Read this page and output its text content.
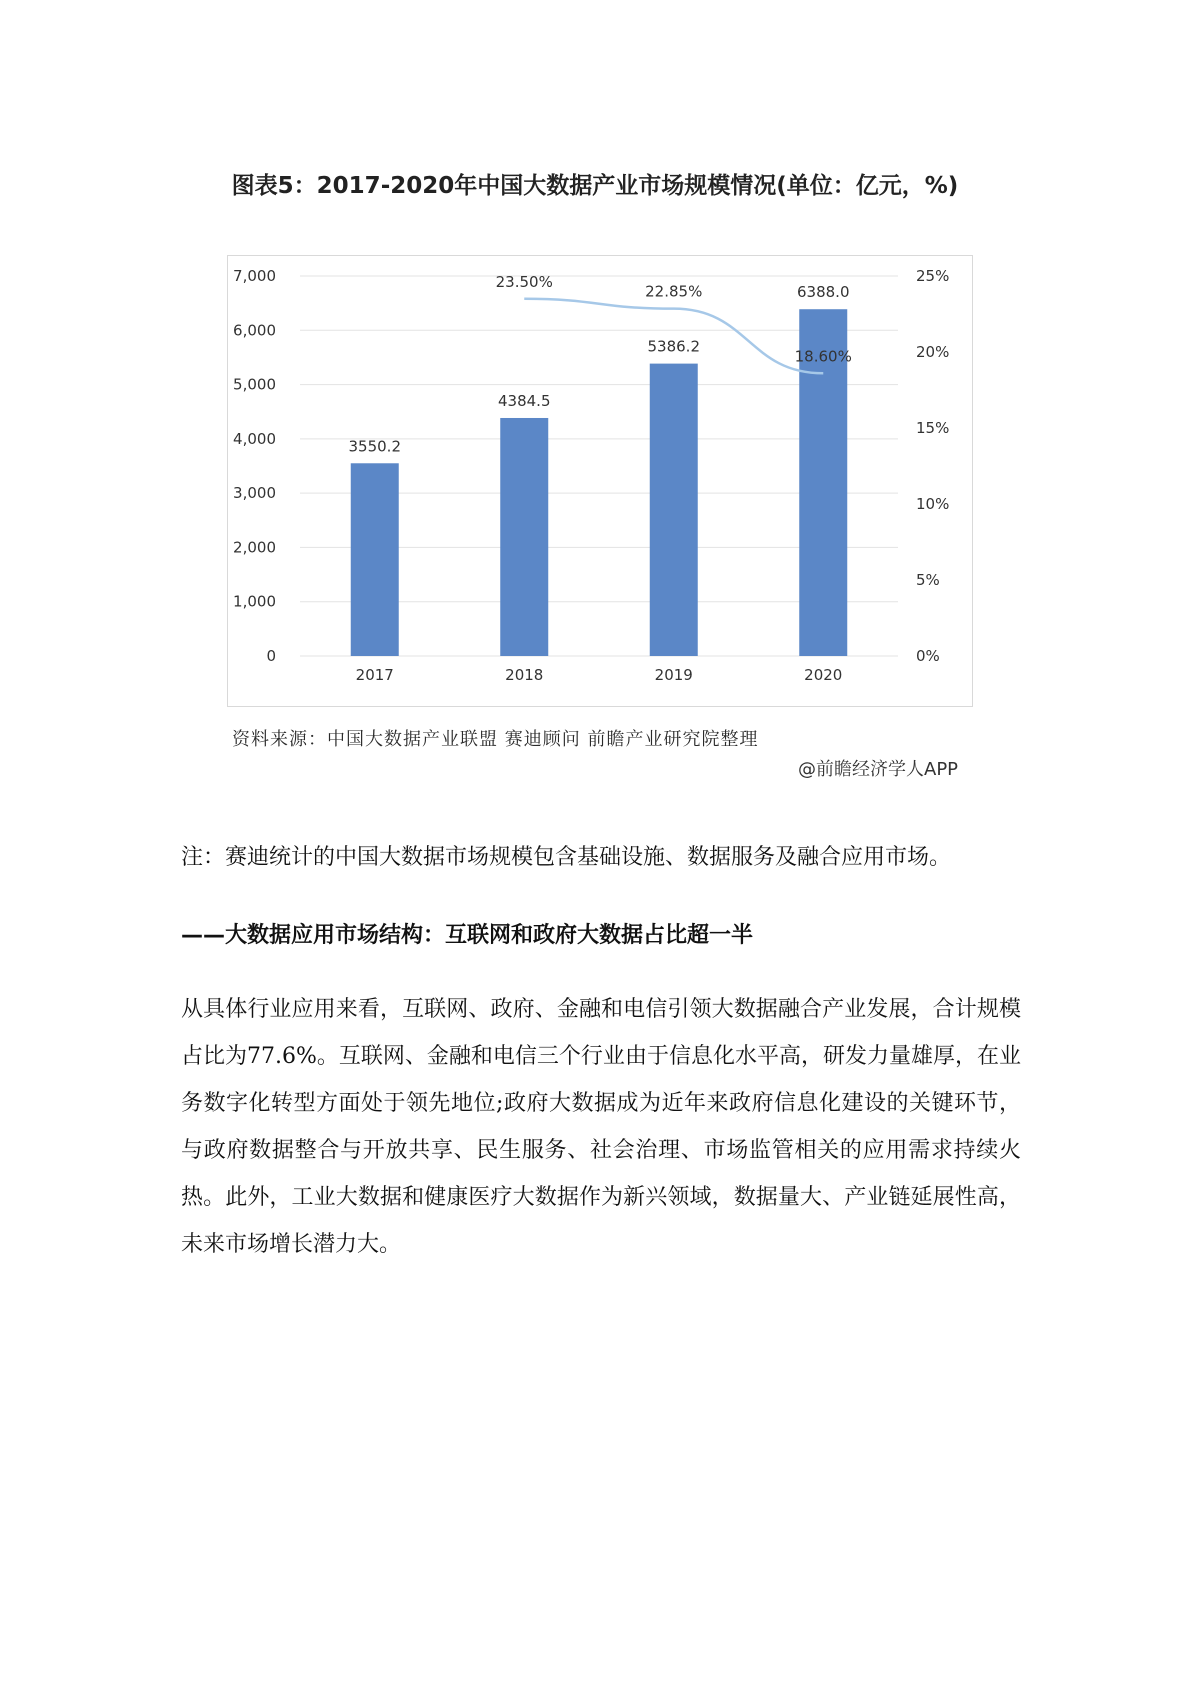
图表5：2017-2020年中国大数据产业市场规模情况(单位：亿元，%)
0
1,000
2,000
3,000
4,000
5,000
6,000
7,000
0%
5%
10%
15%
20%
25%
3550.2
2017
4384.5
2018
5386.2
2019
6388.0
2020
23.50%
22.85%
18.60%
资料来源：中国大数据产业联盟 赛迪顾问 前瞻产业研究院整理
@前瞻经济学人APP
注：赛迪统计的中国大数据市场规模包含基础设施、数据服务及融合应用市场。
——大数据应用市场结构：互联网和政府大数据占比超一半

从具体行业应用来看，互联网、政府、金融和电信引领大数据融合产业发展，合计规模占比为77.6%。互联网、金融和电信三个行业由于信息化水平高，研发力量雄厚，在业务数字化转型方面处于领先地位;政府大数据成为近年来政府信息化建设的关键环节，与政府数据整合与开放共享、民生服务、社会治理、市场监管相关的应用需求持续火热。此外，工业大数据和健康医疗大数据作为新兴领域，数据量大、产业链延展性高，未来市场增长潜力大。
